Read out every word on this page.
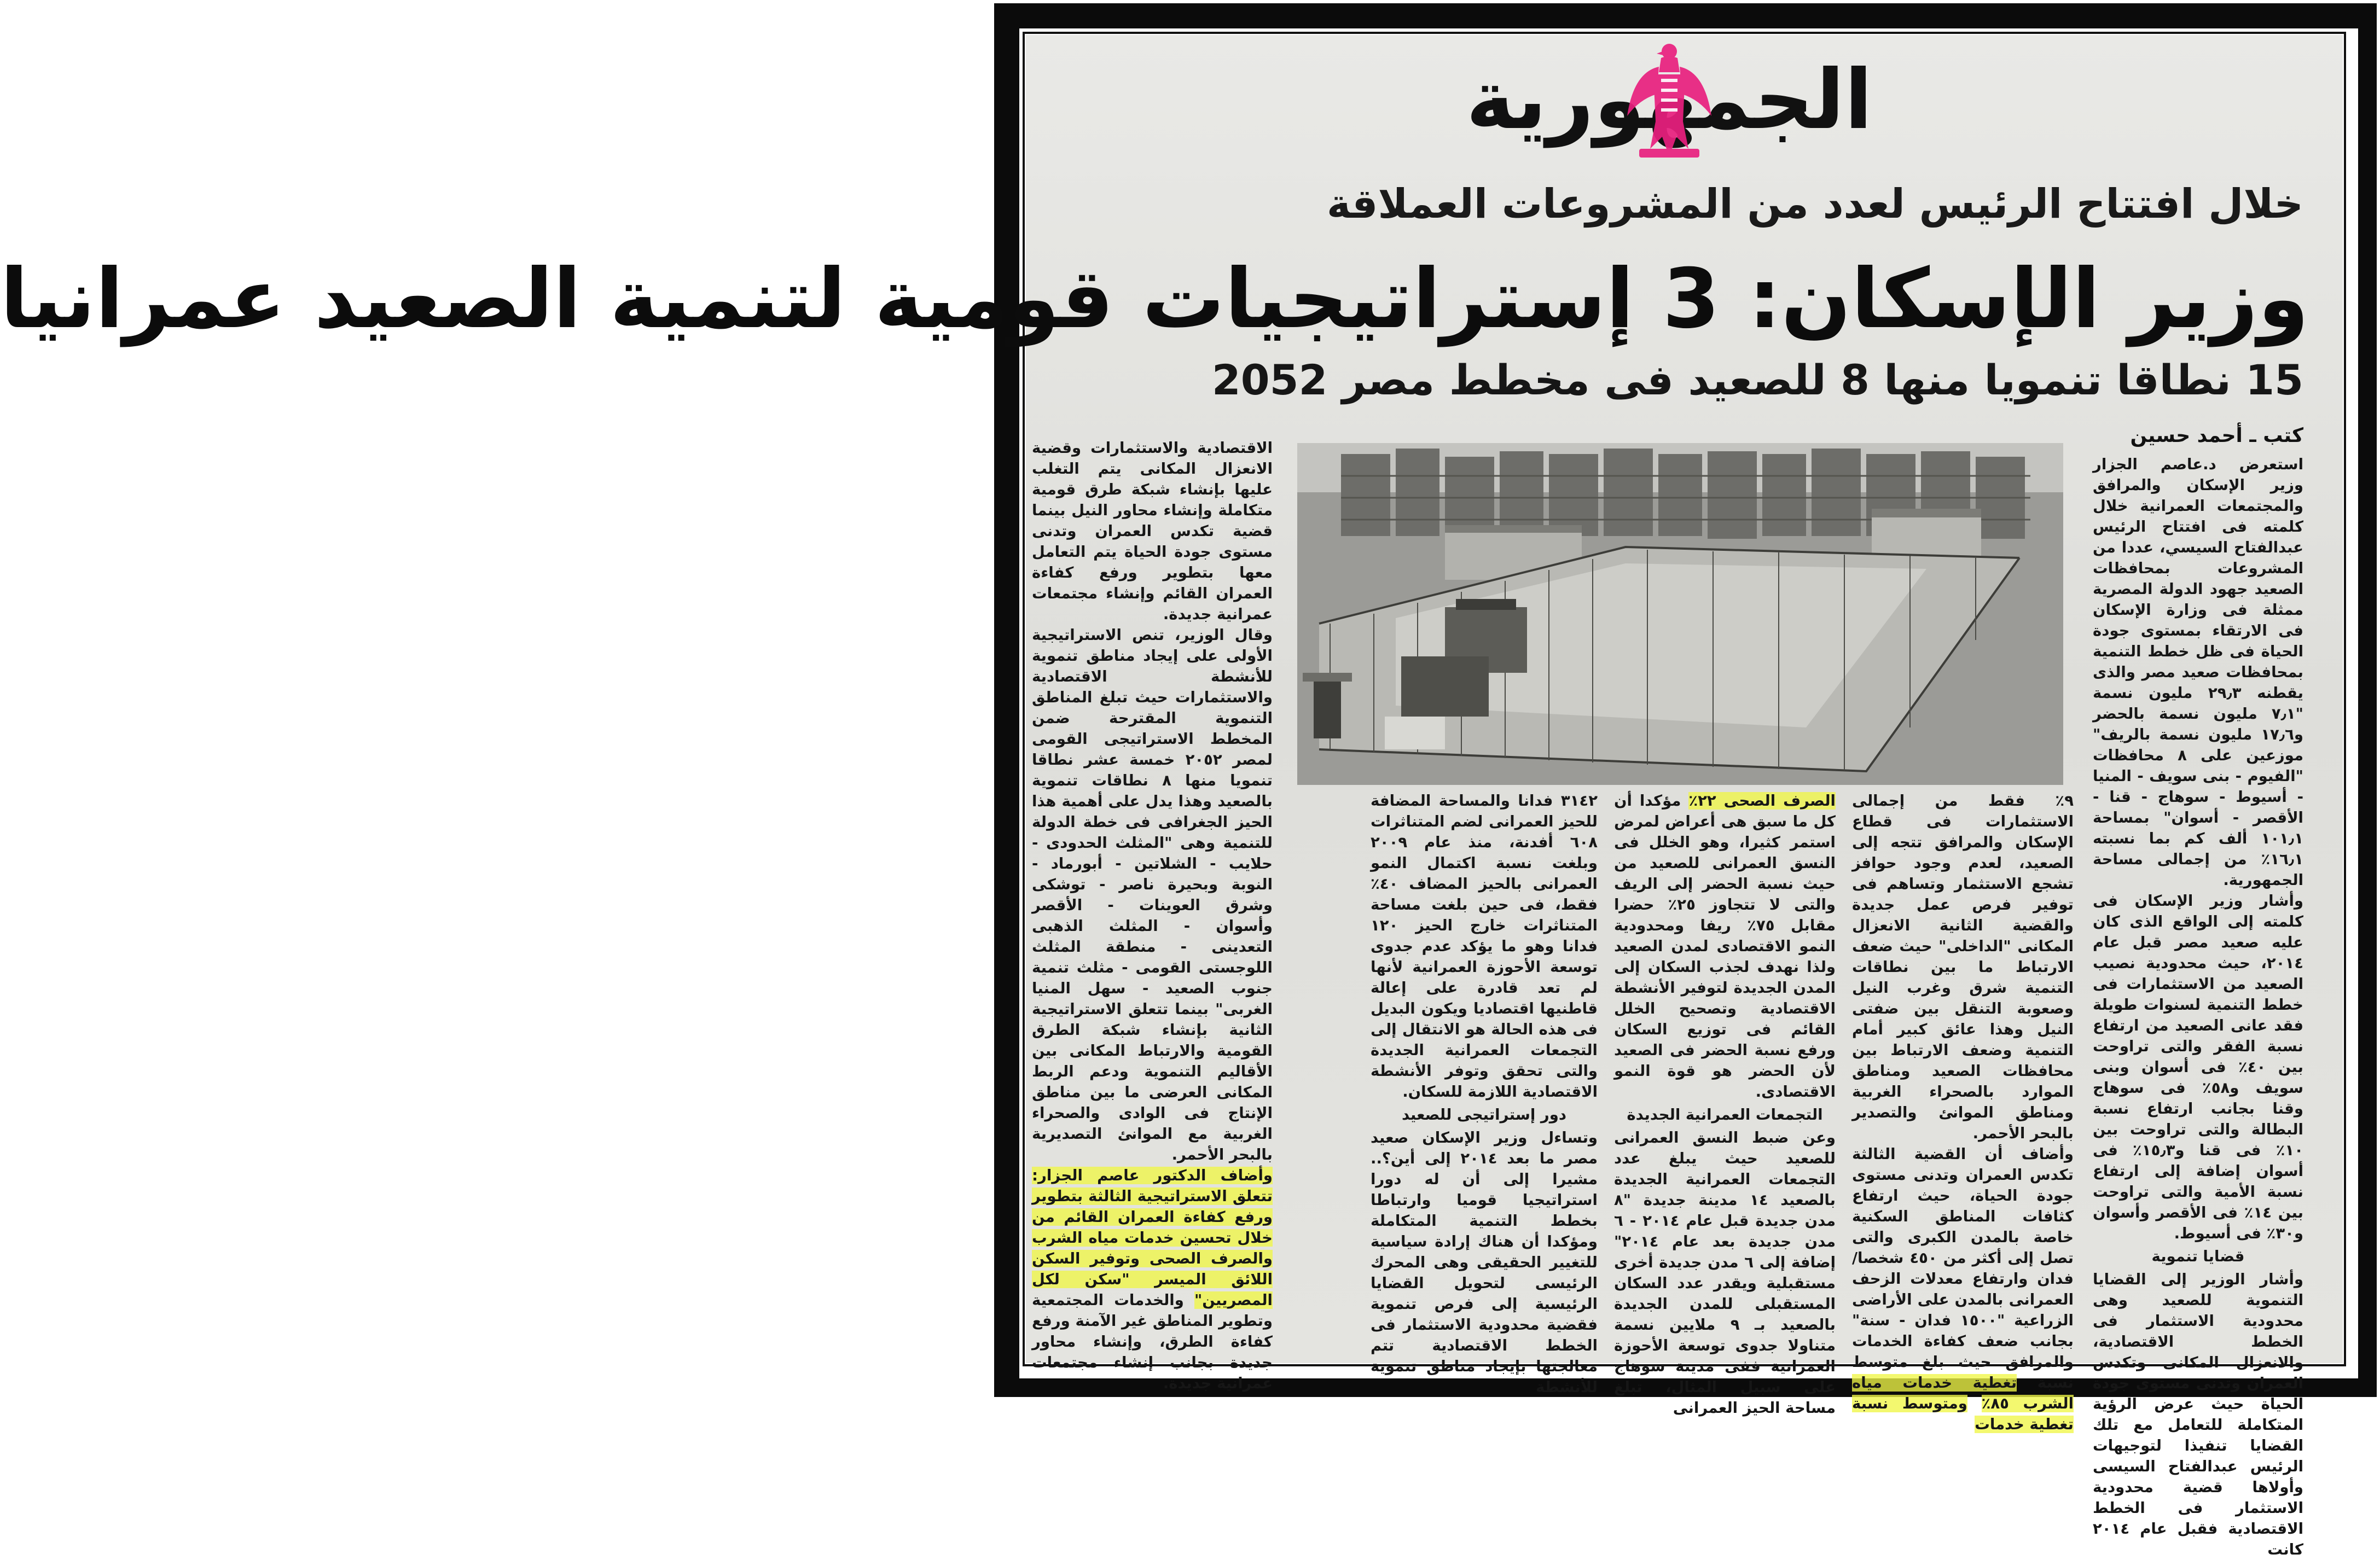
خلال افتتاح الرئيس لعدد من المشروعات العملاقة
وزير الإسكان: 3 إستراتيجيات قومية لتنمية الصعيد عمرانيا
15 نطاقا تنمويا منها 8 للصعيد فى مخطط مصر 2052
كتب ـ أحمد حسين

استعرض د.عاصم الجزار وزير الإسكان والمرافق والمجتمعات العمرانية خلال كلمته فى افتتاح الرئيس عبدالفتاح السيسي، عددا من المشروعات بمحافظات الصعيد جهود الدولة المصرية ممثلة فى وزارة الإسكان فى الارتقاء بمستوى جودة الحياة فى ظل خطط التنمية بمحافظات صعيد مصر والذى يقطنه ٢٩٫٣ مليون نسمة "٧٫١ مليون نسمة بالحضر و١٧٫٦ مليون نسمة بالريف" موزعين على ٨ محافظات "الفيوم - بنى سويف - المنيا - أسيوط - سوهاج - قنا - الأقصر - أسوان" بمساحة ١٠١٫١ ألف كم بما نسبته ١٦٫١٪ من إجمالى مساحة الجمهورية.

وأشار وزير الإسكان فى كلمته إلى الواقع الذى كان عليه صعيد مصر قبل عام ٢٠١٤، حيث محدودية نصيب الصعيد من الاستثمارات فى خطط التنمية لسنوات طويلة فقد عانى الصعيد من ارتفاع نسبة الفقر والتى تراوحت بين ٤٠٪ فى أسوان وبنى سويف و٥٨٪ فى سوهاج وقنا بجانب ارتفاع نسبة البطالة والتى تراوحت بين ١٠٪ فى قنا و١٥٫٣٪ فى أسوان إضافة إلى ارتفاع نسبة الأمية والتى تراوحت بين ١٤٪ فى الأقصر وأسوان و٣٠٪ فى أسيوط.

قضايا تنموية

وأشار الوزير إلى القضايا التنموية للصعيد وهى محدودية الاستثمار فى الخطط الاقتصادية، والانعزال المكانى وتكدس العمران وتدنى مستوى جودة الحياة حيث عرض الرؤية المتكاملة للتعامل مع تلك القضايا تنفيذا لتوجيهات الرئيس عبدالفتاح السيسى وأولاها قضية محدودية الاستثمار فى الخطط الاقتصادية فقبل عام ٢٠١٤ كانت

٩٪ فقط من إجمالى الاستثمارات فى قطاع الإسكان والمرافق تتجه إلى الصعيد، لعدم وجود حوافز تشجع الاستثمار وتساهم فى توفير فرص عمل جديدة والقضية الثانية الانعزال المكانى "الداخلى" حيث ضعف الارتباط ما بين نطاقات التنمية شرق وغرب النيل وصعوبة التنقل بين ضفتى النيل وهذا عائق كبير أمام التنمية وضعف الارتباط بين محافظات الصعيد ومناطق الموارد بالصحراء الغربية ومناطق الموانئ والتصدير بالبحر الأحمر.

وأضاف أن القضية الثالثة تكدس العمران وتدنى مستوى جودة الحياة، حيث ارتفاع كثافات المناطق السكنية خاصة بالمدن الكبرى والتى تصل إلى أكثر من ٤٥٠ شخصا/فدان وارتفاع معدلات الزحف العمرانى بالمدن على الأراضى الزراعية "١٥٠٠ فدان - سنة" بجانب ضعف كفاءة الخدمات والمرافق حيث بلغ متوسط نسبة تغطية خدمات مياه الشرب ٨٥٪ ومتوسط نسبة تغطية خدمات

الصرف الصحى ٢٢٪ مؤكدا أن كل ما سبق هى أعراض لمرض استمر كثيرا، وهو الخلل فى النسق العمرانى للصعيد من حيث نسبة الحضر إلى الريف والتى لا تتجاوز ٢٥٪ حضرا مقابل ٧٥٪ ريفا ومحدودية النمو الاقتصادى لمدن الصعيد ولذا نهدف لجذب السكان إلى المدن الجديدة لتوفير الأنشطة الاقتصادية وتصحيح الخلل القائم فى توزيع السكان ورفع نسبة الحضر فى الصعيد لأن الحضر هو قوة النمو الاقتصادى.

التجمعات العمرانية الجديدة

وعن ضبط النسق العمرانى للصعيد حيث يبلغ عدد التجمعات العمرانية الجديدة بالصعيد ١٤ مدينة جديدة "٨ مدن جديدة قبل عام ٢٠١٤ - ٦ مدن جديدة بعد عام ٢٠١٤" إضافة إلى ٦ مدن جديدة أخرى مستقبلية ويقدر عدد السكان المستقبلى للمدن الجديدة بالصعيد بـ ٩ ملايين نسمة متناولا جدوى توسعة الأحوزة العمرانية ففى مدينة سوهاج على سبيل المثال، تبلغ مساحة الحيز العمرانى

٣١٤٢ فدانا والمساحة المضافة للحيز العمرانى لضم المتناثرات ٦٠٨ أفدنة، منذ عام ٢٠٠٩ وبلغت نسبة اكتمال النمو العمرانى بالحيز المضاف ٤٠٪ فقط، فى حين بلغت مساحة المتناثرات خارج الحيز ١٢٠ فدانا وهو ما يؤكد عدم جدوى توسعة الأحوزة العمرانية لأنها لم تعد قادرة على إعالة قاطنيها اقتصاديا ويكون البديل فى هذه الحالة هو الانتقال إلى التجمعات العمرانية الجديدة والتى تحقق وتوفر الأنشطة الاقتصادية اللازمة للسكان.

دور إستراتيجى للصعيد

وتساءل وزير الإسكان صعيد مصر ما بعد ٢٠١٤ إلى أين؟.. مشيرا إلى أن له دورا استراتيجيا قوميا وارتباطا بخطط التنمية المتكاملة ومؤكدا أن هناك إرادة سياسية للتغيير الحقيقى وهى المحرك الرئيسى لتحويل القضايا الرئيسية إلى فرص تنموية فقضية محدودية الاستثمار فى الخطط الاقتصادية تتم معالجتها بإيجاد مناطق تنموية للأنشطة

الاقتصادية والاستثمارات وقضية الانعزال المكانى يتم التغلب عليها بإنشاء شبكة طرق قومية متكاملة وإنشاء محاور النيل بينما قضية تكدس العمران وتدنى مستوى جودة الحياة يتم التعامل معها بتطوير ورفع كفاءة العمران القائم وإنشاء مجتمعات عمرانية جديدة.

وقال الوزير، تنص الاستراتيجية الأولى على إيجاد مناطق تنموية للأنشطة الاقتصادية والاستثمارات حيث تبلغ المناطق التنموية المقترحة ضمن المخطط الاستراتيجى القومى لمصر ٢٠٥٢ خمسة عشر نطاقا تنمويا منها ٨ نطاقات تنموية بالصعيد وهذا يدل على أهمية هذا الحيز الجغرافى فى خطة الدولة للتنمية وهى "المثلث الحدودى - حلايب - الشلاتين - أبورماد - النوبة وبحيرة ناصر - توشكى وشرق العوينات - الأقصر وأسوان - المثلث الذهبى التعدينى - منطقة المثلث اللوجستى القومى - مثلث تنمية جنوب الصعيد - سهل المنيا الغربى" بينما تتعلق الاستراتيجية الثانية بإنشاء شبكة الطرق القومية والارتباط المكانى بين الأقاليم التنموية ودعم الربط المكانى العرضى ما بين مناطق الإنتاج فى الوادى والصحراء الغربية مع الموانئ التصديرية بالبحر الأحمر.

وأضاف الدكتور عاصم الجزار: تتعلق الاستراتيجية الثالثة بتطوير ورفع كفاءة العمران القائم من خلال تحسين خدمات مياه الشرب والصرف الصحى وتوفير السكن اللائق الميسر "سكن لكل المصريين" والخدمات المجتمعية وتطوير المناطق غير الآمنة ورفع كفاءة الطرق، وإنشاء محاور جديدة بجانب إنشاء مجتمعات عمرانية جديدة.
